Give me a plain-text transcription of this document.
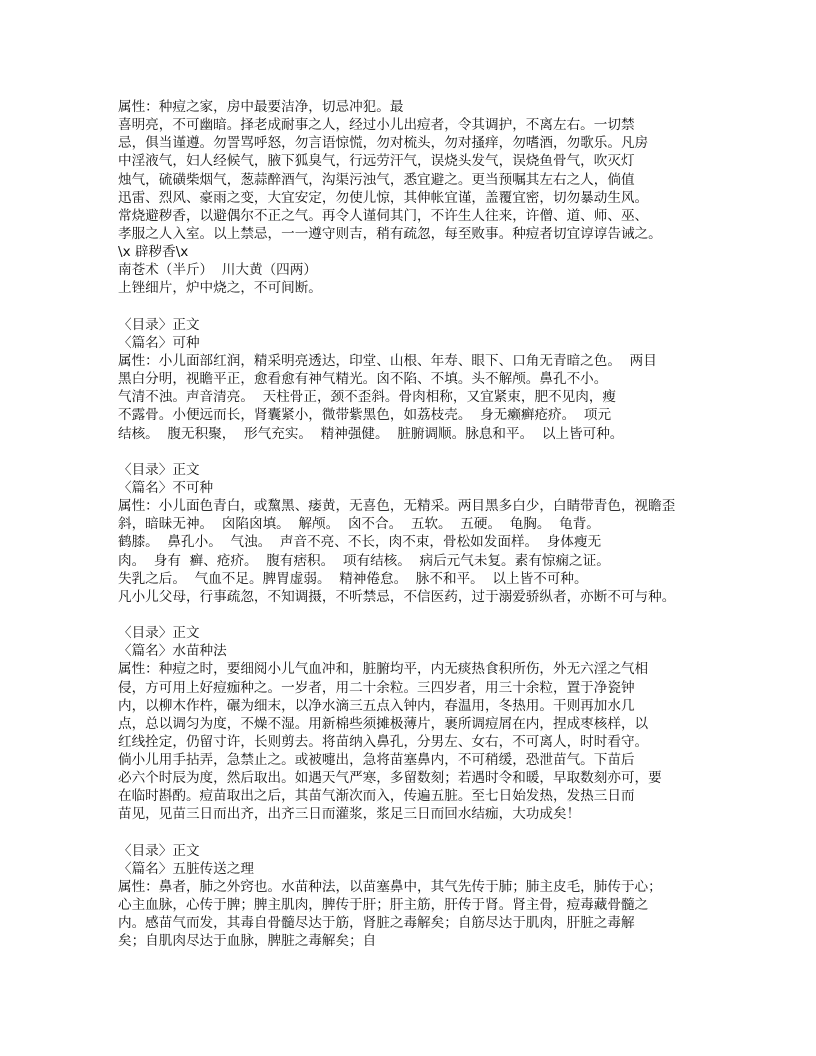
属性：种痘之家，房中最要洁净，切忌冲犯。最
喜明亮，不可幽暗。择老成耐事之人，经过小儿出痘者，令其调护，不离左右。一切禁
忌，俱当谨遵。勿詈骂呼怒，勿言语惊慌，勿对梳头，勿对搔痒，勿嗜酒，勿歌乐。凡房
中淫液气，妇人经候气，腋下狐臭气，行远劳汗气，误烧头发气，误烧鱼骨气，吹灭灯
烛气，硫磺柴烟气，葱蒜醉酒气，沟渠污浊气，悉宜避之。更当预嘱其左右之人，倘值
迅雷、烈风、豪雨之变，大宜安定，勿使儿惊，其伸帐宜谨，盖覆宜密，切勿暴动生风。
常烧避秽香，以避偶尔不正之气。再令人谨伺其门，不许生人往来，许僧、道、师、巫、
孝服之人入室。以上禁忌，一一遵守则吉，稍有疏忽，每至败事。种痘者切宜谆谆告诫之。
\x 辟秽香\x
南苍术（半斤）  川大黄（四两）
上锉细片，炉中烧之，不可间断。
〈目录〉正文
〈篇名〉可种
属性：小儿面部红润，精采明亮透达，印堂、山根、年寿、眼下、口角无青暗之色。  两目
黑白分明，视瞻平正，愈看愈有神气精光。囟不陷、不填。头不解颅。鼻孔不小。
气清不浊。声音清亮。  天柱骨正，颈不歪斜。骨肉相称，又宜紧束，肥不见肉，瘦
不露骨。小便远而长，肾囊紧小，微带紫黑色，如荔枝壳。  身无癞癣疮疥。  项元
结核。  腹无积聚，  形气充实。  精神强健。  脏腑调顺。脉息和平。  以上皆可种。
〈目录〉正文
〈篇名〉不可种
属性：小儿面色青白，或黧黑、痿黄，无喜色，无精采。两目黑多白少，白睛带青色，视瞻歪
斜，暗昧无神。  囟陷囟填。  解颅。  囟不合。  五软。  五硬。  龟胸。  龟背。
鹤膝。  鼻孔小。  气浊。  声音不亮、不长，肉不束，骨松如发面样。  身体瘦无
肉。  身有  癣、疮疥。  腹有痞积。  项有结核。  病后元气未复。素有惊痫之证。
失乳之后。  气血不足。脾胃虚弱。  精神倦怠。  脉不和平。  以上皆不可种。
凡小儿父母，行事疏忽，不知调摄，不听禁忌，不信医药，过于溺爱骄纵者，亦断不可与种。
〈目录〉正文
〈篇名〉水苗种法
属性：种痘之时，要细阅小儿气血冲和，脏腑均平，内无痰热食积所伤，外无六淫之气相
侵，方可用上好痘痂种之。一岁者，用二十余粒。三四岁者，用三十余粒，置于净瓷钟
内，以柳木作杵，碾为细末，以净水滴三五点入钟内，春温用，冬热用。干则再加水几
点，总以调匀为度，不燥不湿。用新棉些须摊极薄片，裹所调痘屑在内，捏成枣核样，以
红线拴定，仍留寸许，长则剪去。将苗纳入鼻孔，分男左、女右，不可离人，时时看守。
倘小儿用手拈弄，急禁止之。或被嚏出，急将苗塞鼻内，不可稍缓，恐泄苗气。下苗后
必六个时辰为度，然后取出。如遇天气严寒，多留数刻；若遇时令和暖，早取数刻亦可，要
在临时斟酌。痘苗取出之后，其苗气渐次而入，传遍五脏。至七日始发热，发热三日而
苗见，见苗三日而出齐，出齐三日而灌浆，浆足三日而回水结痂，大功成矣！
〈目录〉正文
〈篇名〉五脏传送之理
属性：鼻者，肺之外窍也。水苗种法，以苗塞鼻中，其气先传于肺；肺主皮毛，肺传于心；
心主血脉，心传于脾；脾主肌肉，脾传于肝；肝主筋，肝传于肾。肾主骨，痘毒藏骨髓之
内。感苗气而发，其毒自骨髓尽达于筋，肾脏之毒解矣；自筋尽达于肌肉，肝脏之毒解
矣；自肌肉尽达于血脉，脾脏之毒解矣；自
